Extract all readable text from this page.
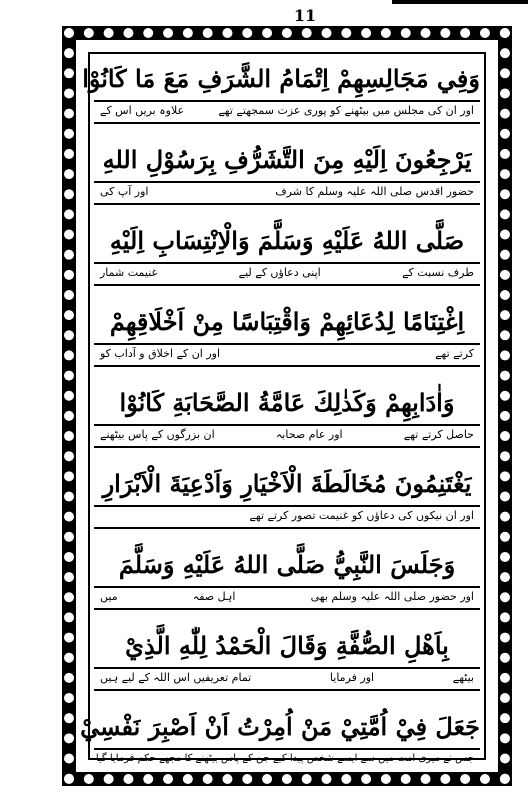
11
وَفِي مَجَالِسِهِمْ اِتْمَامُ الشَّرَفِ مَعَ مَا كَانُوْا
اور ان کی مجلس میں بیٹھنے کو پوری عزت سمجھتے تھے
علاوہ بریں اس کے
يَرْجِعُونَ اِلَيْهِ مِنَ التَّشَرُّفِ بِرَسُوْلِ اللهِ
حضور اقدس صلی اللہ علیہ وسلم کا شرف
اور آپ کی
صَلَّى اللهُ عَلَيْهِ وَسَلَّمَ وَالْاِنْتِسَابِ اِلَيْهِ
طرف نسبت کے
اپنی دعاؤں کے لیے
غنیمت شمار
اِغْتِنَامًا لِدُعَائِهِمْ وَاقْتِبَاسًا مِنْ اَخْلَاقِهِمْ
کرتے تھے
اور ان کے اخلاق و آداب کو
وَاٰدَابِهِمْ وَكَذٰلِكَ عَامَّةُ الصَّحَابَةِ كَانُوْا
حاصل کرتے تھے
اور عام صحابہ
ان بزرگوں کے پاس بیٹھنے
يَغْتَنِمُونَ مُخَالَطَةَ الْاَخْيَارِ وَاَدْعِيَةَ الْاَبْرَارِ
اور ان نیکوں کی دعاؤں کو غنیمت تصور کرتے تھے
وَجَلَسَ النَّبِيُّ صَلَّى اللهُ عَلَيْهِ وَسَلَّمَ
اور حضور صلی اللہ علیہ وسلم بھی
اہل صفہ
میں
بِاَهْلِ الصُّفَّةِ وَقَالَ الْحَمْدُ لِلّٰهِ الَّذِيْ
بیٹھے
اور فرمایا
تمام تعریفیں اس اللہ کے لیے ہیں
جَعَلَ فِيْ اُمَّتِيْ مَنْ اُمِرْتُ اَنْ اَصْبِرَ نَفْسِيْ
جس نے میری امت میں سے ایسے شخص پیدا کیے جن کے پاس بیٹھنے کا مجھے حکم فرمایا گیا
